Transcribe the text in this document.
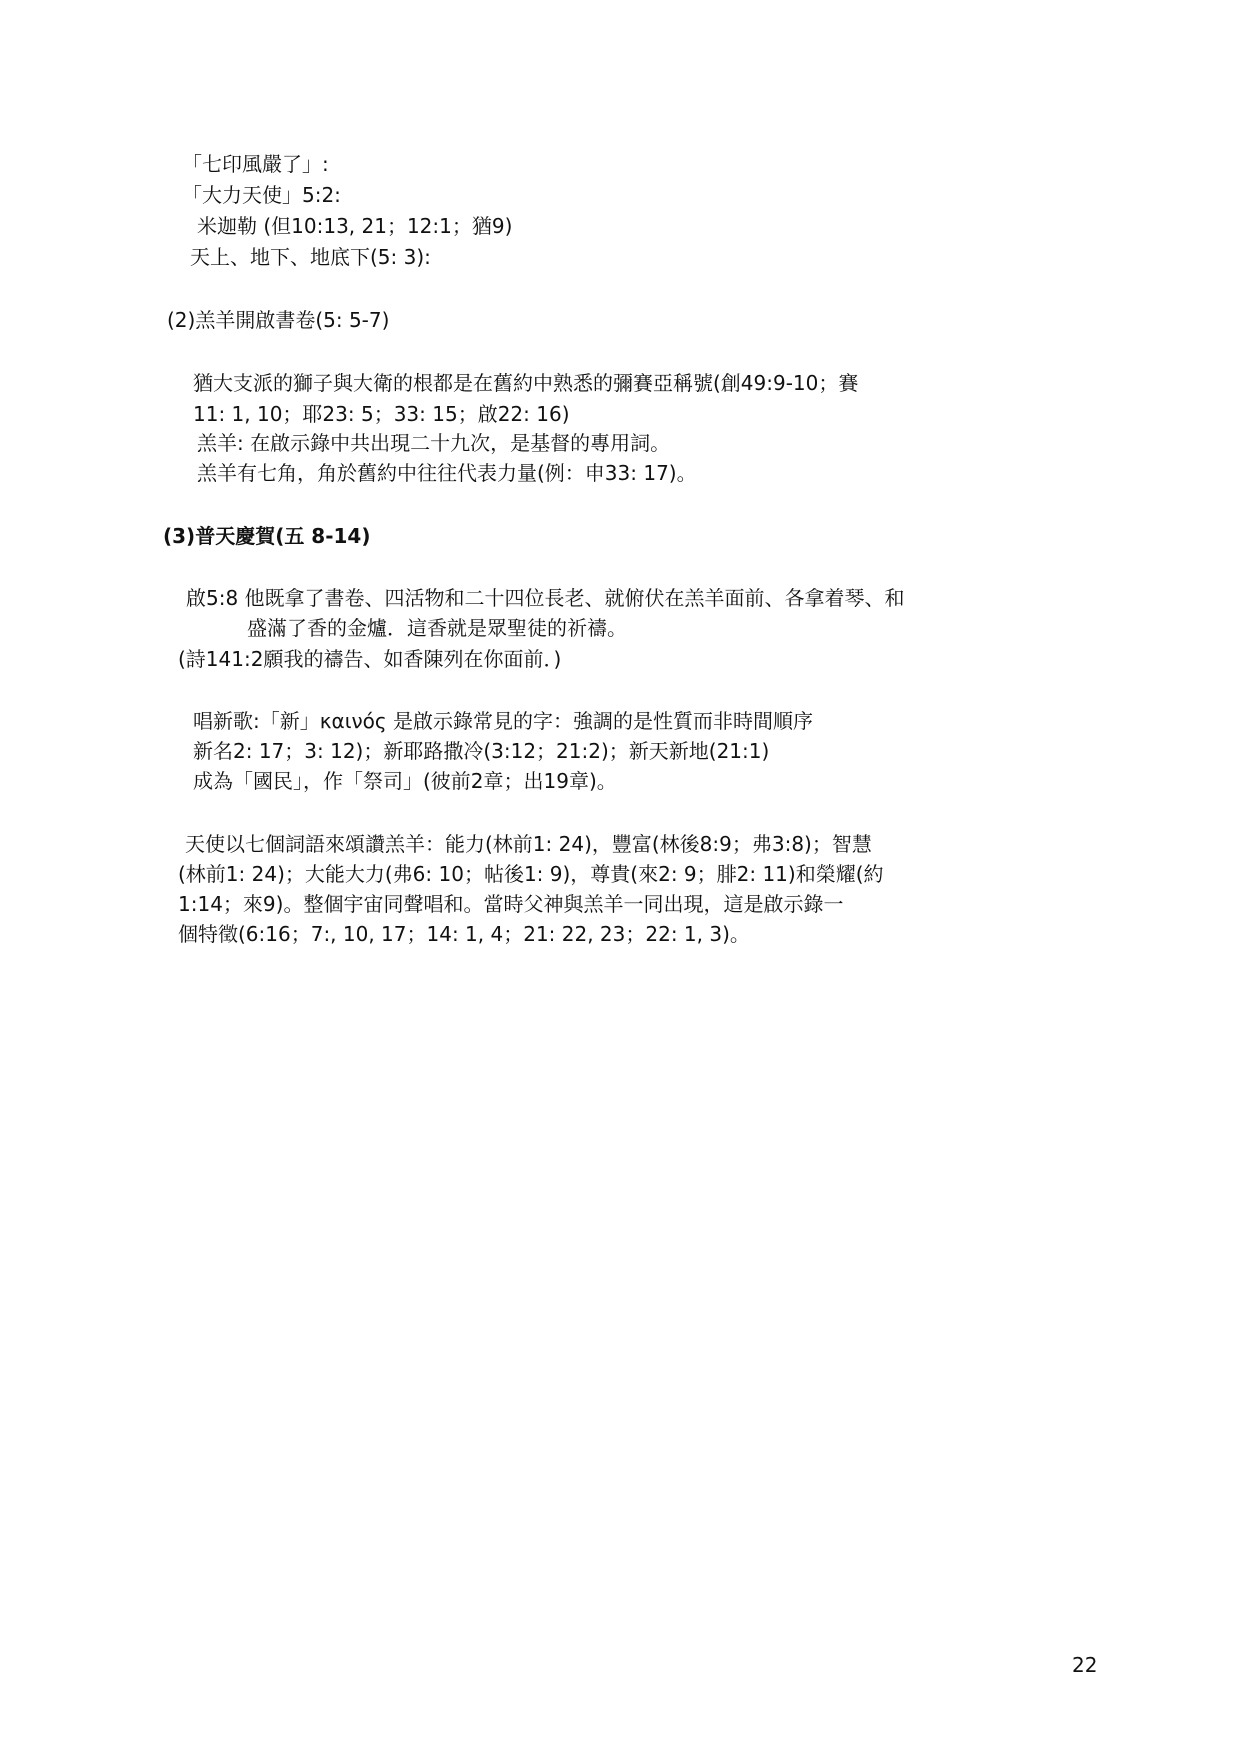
「七印風嚴了」:
「大力天使」5:2:
米迦勒 (但10:13, 21；12:1；猶9)
天上、地下、地底下(5: 3):
(2)羔羊開啟書卷(5: 5-7)
猶大支派的獅子與大衛的根都是在舊約中熟悉的彌賽亞稱號(創49:9-10；賽
11: 1, 10；耶23: 5；33: 15；啟22: 16)
羔羊: 在啟示錄中共出現二十九次，是基督的專用詞。
羔羊有七角，角於舊約中往往代表力量(例：申33: 17)。
(3)普天慶賀(五 8-14)
啟5:8 他既拿了書卷、四活物和二十四位長老、就俯伏在羔羊面前、各拿着琴、和
盛滿了香的金爐．這香就是眾聖徒的祈禱。
(詩141:2願我的禱告、如香陳列在你面前．)
唱新歌:「新」καινός 是啟示錄常見的字：強調的是性質而非時間順序
新名2: 17；3: 12)；新耶路撒冷(3:12；21:2)；新天新地(21:1)
成為「國民」，作「祭司」(彼前2章；出19章)。
天使以七個詞語來頌讚羔羊：能力(林前1: 24)，豐富(林後8:9；弗3:8)；智慧
(林前1: 24)；大能大力(弗6: 10；帖後1: 9)，尊貴(來2: 9；腓2: 11)和榮耀(約
1:14；來9)。整個宇宙同聲唱和。當時父神與羔羊一同出現，這是啟示錄一
個特徵(6:16；7:, 10, 17；14: 1, 4；21: 22, 23；22: 1, 3)。
22
